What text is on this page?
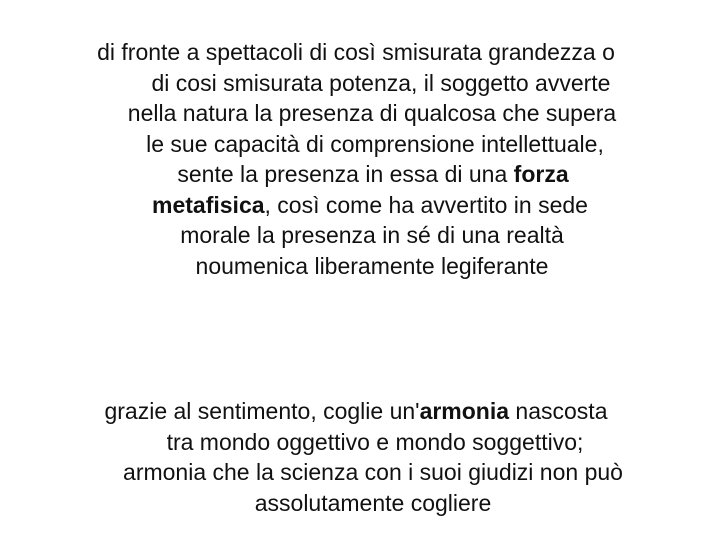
di fronte a spettacoli di così smisurata grandezza o
di cosi smisurata potenza, il soggetto avverte
nella natura la presenza di qualcosa che supera
le sue capacità di comprensione intellettuale,
sente la presenza in essa di una forza
metafisica, così come ha avvertito in sede
morale la presenza in sé di una realtà
noumenica liberamente legiferante

grazie al sentimento, coglie un'armonia nascosta
tra mondo oggettivo e mondo soggettivo;
armonia che la scienza con i suoi giudizi non può
assolutamente cogliere
